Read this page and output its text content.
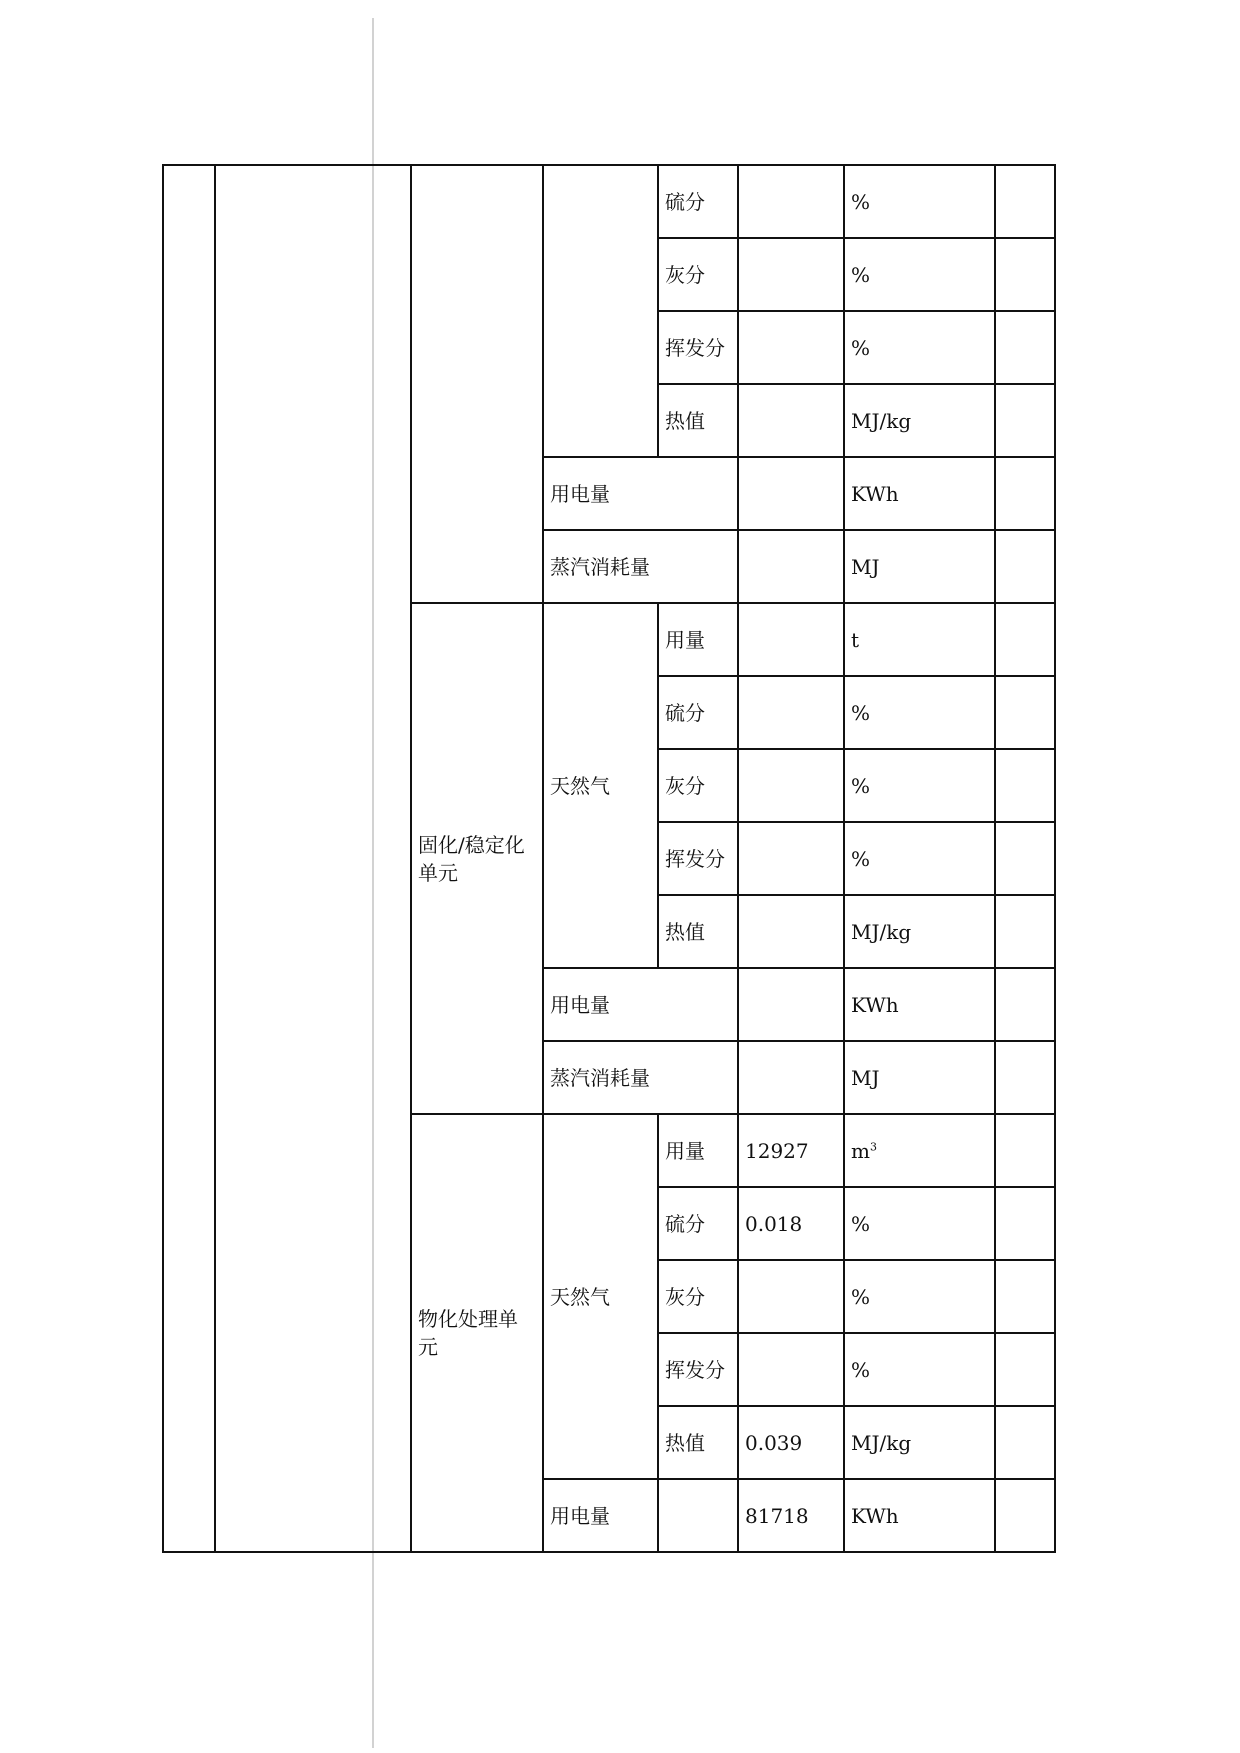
				硫分		%	
				灰分		%	
				挥发分		%	
				热值		MJ/kg	
			用电量			KWh	
			蒸汽消耗量			MJ	
		固化/稳定化单元	天然气	用量		t	
				硫分		%	
				灰分		%	
				挥发分		%	
				热值		MJ/kg	
			用电量			KWh	
			蒸汽消耗量			MJ	
		物化处理单元	天然气	用量	12927	$m^3$	
				硫分	0.018	%	
				灰分		%	
				挥发分		%	
				热值	0.039	MJ/kg	
			用电量		81718	KWh	
